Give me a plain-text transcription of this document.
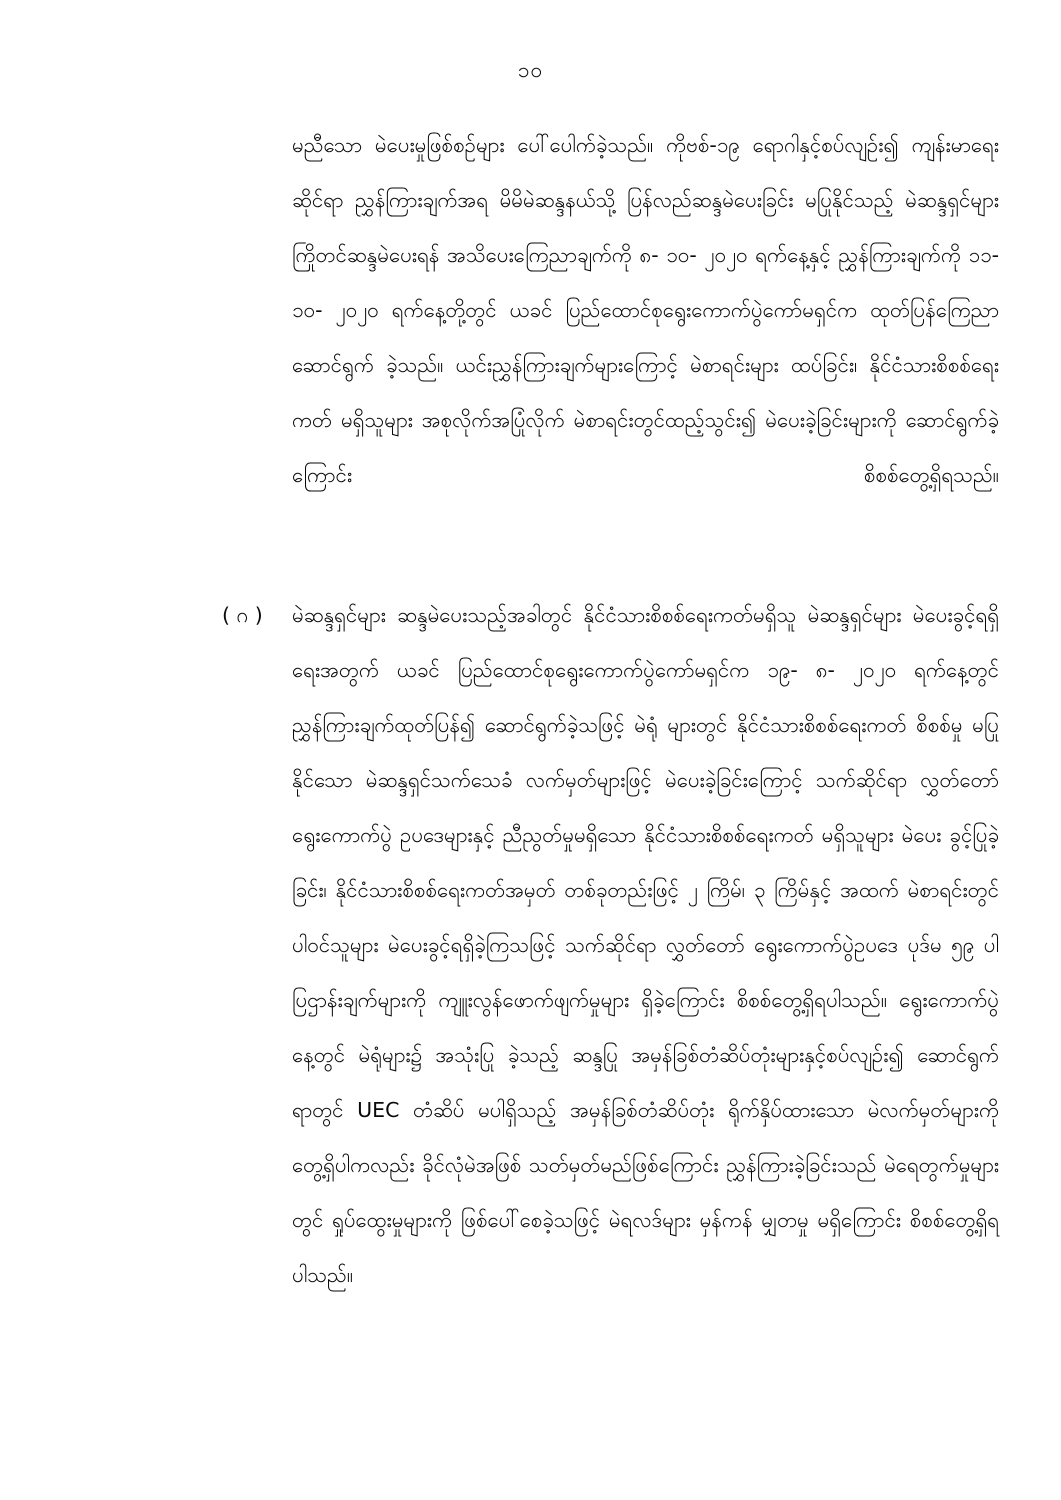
၁၀
မညီသော မဲပေးမှုဖြစ်စဉ်များ ပေါ်ပေါက်ခဲ့သည်။ ကိုဗစ်-၁၉ ရောဂါနှင့်စပ်လျဉ်း၍ ကျန်းမာရေးဆိုင်ရာ ညွှန်ကြားချက်အရ မိမိမဲဆန္ဒနယ်သို့ ပြန်လည်ဆန္ဒမဲပေးခြင်း မပြုနိုင်သည့် မဲဆန္ဒရှင်များ ကြိုတင်ဆန္ဒမဲပေးရန် အသိပေးကြေညာချက်ကို ၈- ၁၀- ၂၀၂၀ ရက်နေ့နှင့် ညွှန်ကြားချက်ကို ၁၁- ၁၀- ၂၀၂၀ ရက်နေ့တို့တွင် ယခင် ပြည်ထောင်စုရွေးကောက်ပွဲကော်မရှင်က ထုတ်ပြန်ကြေညာဆောင်ရွက် ခဲ့သည်။ ယင်းညွှန်ကြားချက်များကြောင့် မဲစာရင်းများ ထပ်ခြင်း၊ နိုင်ငံသားစိစစ်ရေးကတ် မရှိသူများ အစုလိုက်အပြုံလိုက် မဲစာရင်းတွင်ထည့်သွင်း၍ မဲပေးခဲ့ခြင်းများကို ဆောင်ရွက်ခဲ့ကြောင်း စိစစ်တွေ့ရှိရသည်။
( ဂ )	မဲဆန္ဒရှင်များ ဆန္ဒမဲပေးသည့်အခါတွင် နိုင်ငံသားစိစစ်ရေးကတ်မရှိသူ မဲဆန္ဒရှင်များ မဲပေးခွင့်ရရှိရေးအတွက် ယခင် ပြည်ထောင်စုရွေးကောက်ပွဲကော်မရှင်က ၁၉- ၈- ၂၀၂၀ ရက်နေ့တွင် ညွှန်ကြားချက်ထုတ်ပြန်၍ ဆောင်ရွက်ခဲ့သဖြင့် မဲရုံ များတွင် နိုင်ငံသားစိစစ်ရေးကတ် စိစစ်မှု မပြုနိုင်သော မဲဆန္ဒရှင်သက်သေခံ လက်မှတ်များဖြင့် မဲပေးခဲ့ခြင်းကြောင့် သက်ဆိုင်ရာ လွှတ်တော်ရွေးကောက်ပွဲ ဥပဒေများနှင့် ညီညွတ်မှုမရှိသော နိုင်ငံသားစိစစ်ရေးကတ် မရှိသူများ မဲပေး ခွင့်ပြုခဲ့ခြင်း၊ နိုင်ငံသားစိစစ်ရေးကတ်အမှတ် တစ်ခုတည်းဖြင့် ၂ ကြိမ်၊ ၃ ကြိမ်နှင့် အထက် မဲစာရင်းတွင် ပါဝင်သူများ မဲပေးခွင့်ရရှိခဲ့ကြသဖြင့် သက်ဆိုင်ရာ လွှတ်တော် ရွေးကောက်ပွဲဥပဒေ ပုဒ်မ ၅၉ ပါ ပြဌာန်းချက်များကို ကျူးလွန်ဖောက်ဖျက်မှုများ ရှိခဲ့ကြောင်း စိစစ်တွေ့ရှိရပါသည်။ ရွေးကောက်ပွဲနေ့တွင် မဲရုံများ၌ အသုံးပြု ခဲ့သည့် ဆန္ဒပြု အမှန်ခြစ်တံဆိပ်တုံးများနှင့်စပ်လျဉ်း၍ ဆောင်ရွက်ရာတွင် UEC တံဆိပ် မပါရှိသည့် အမှန်ခြစ်တံဆိပ်တုံး ရိုက်နှိပ်ထားသော မဲလက်မှတ်များကို တွေ့ရှိပါကလည်း ခိုင်လုံမဲအဖြစ် သတ်မှတ်မည်ဖြစ်ကြောင်း ညွှန်ကြားခဲ့ခြင်းသည် မဲရေတွက်မှုများတွင် ရှုပ်ထွေးမှုများကို ဖြစ်ပေါ်စေခဲ့သဖြင့် မဲရလဒ်များ မှန်ကန် မျှတမှု မရှိကြောင်း စိစစ်တွေ့ရှိရပါသည်။
